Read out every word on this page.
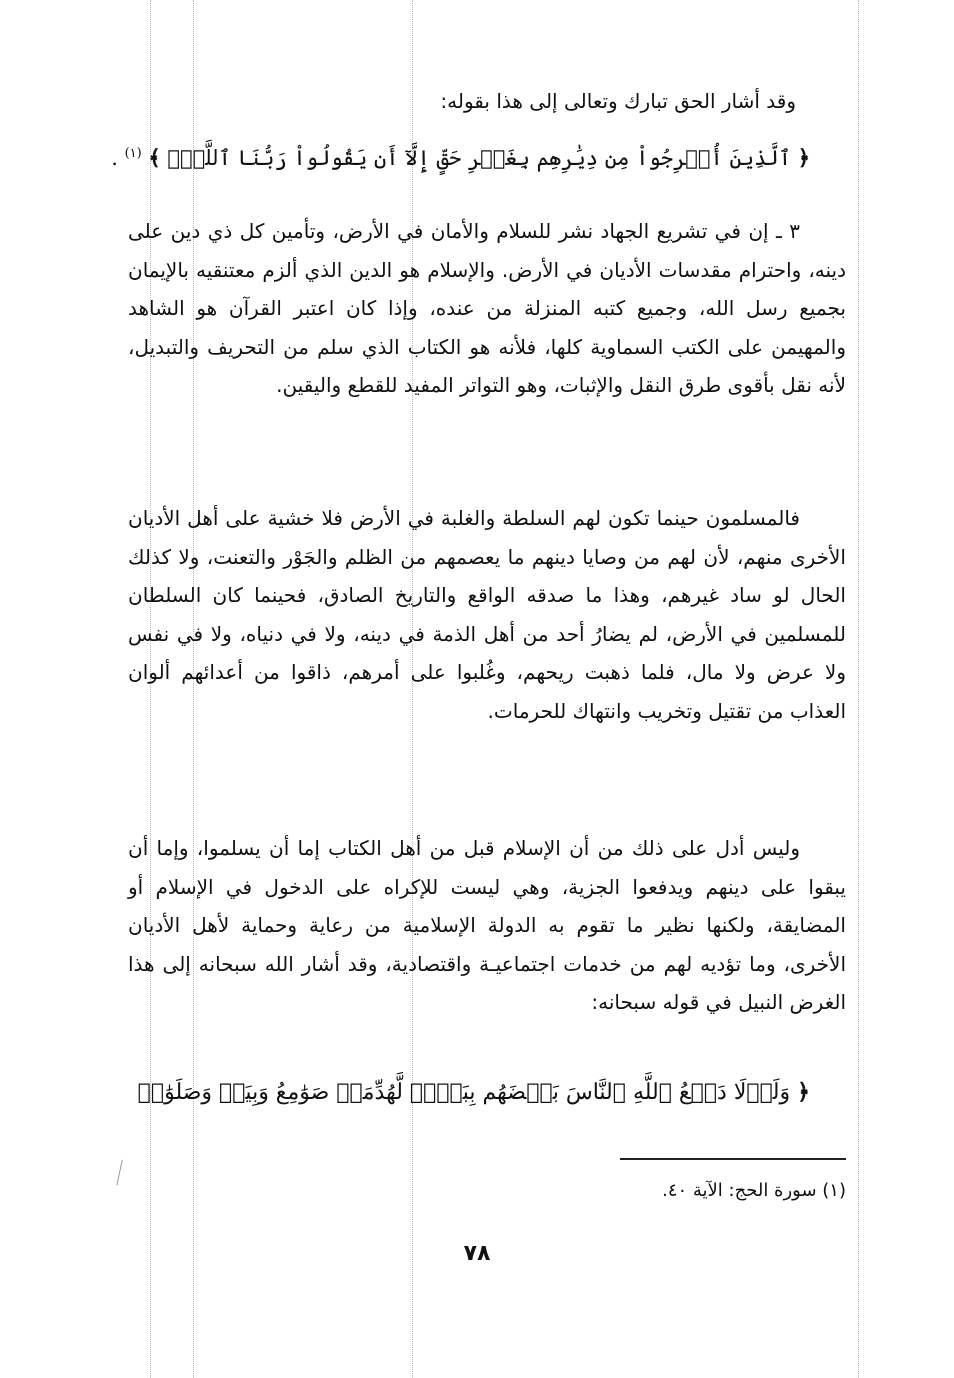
وقد أشار الحق تبارك وتعالى إلى هذا بقوله:
﴿ ٱلَّذِينَ أُخۡرِجُواْ مِن دِيَٰرِهِم بِغَيۡرِ حَقٍّ إِلَّآ أَن يَقُولُواْ رَبُّنَا ٱللَّهُۗ ﴾ $^{(١)}$ .

٣ ـ إن في تشريع الجهاد نشر للسلام والأمان في الأرض، وتأمين كل ذي دين على دينه، واحترام مقدسات الأديان في الأرض. والإسلام هو الدين الذي ألزم معتنقيه بالإيمان بجميع رسل الله، وجميع كتبه المنزلة من عنده، وإذا كان اعتبر القرآن هو الشاهد والمهيمن على الكتب السماوية كلها، فلأنه هو الكتاب الذي سلم من التحريف والتبديل، لأنه نقل بأقوى طرق النقل والإثبات، وهو التواتر المفيد للقطع واليقين.

فالمسلمون حينما تكون لهم السلطة والغلبة في الأرض فلا خشية على أهل الأديان الأخرى منهم، لأن لهم من وصايا دينهم ما يعصمهم من الظلم والجَوْر والتعنت، ولا كذلك الحال لو ساد غيرهم، وهذا ما صدقه الواقع والتاريخ الصادق، فحينما كان السلطان للمسلمين في الأرض، لم يضارُ أحد من أهل الذمة في دينه، ولا في دنياه، ولا في نفس ولا عرض ولا مال، فلما ذهبت ريحهم، وغُلبوا على أمرهم، ذاقوا من أعدائهم ألوان العذاب من تقتيل وتخريب وانتهاك للحرمات.

وليس أدل على ذلك من أن الإسلام قبل من أهل الكتاب إما أن يسلموا، وإما أن يبقوا على دينهم ويدفعوا الجزية، وهي ليست للإكراه على الدخول في الإسلام أو المضايقة، ولكنها نظير ما تقوم به الدولة الإسلامية من رعاية وحماية لأهل الأديان الأخرى، وما تؤديه لهم من خدمات اجتماعيـة واقتصادية، وقد أشار الله سبحانه إلى هذا الغرض النبيل في قوله سبحانه:

﴿ وَلَوۡلَا دَفۡعُ ٱللَّهِ ٱلنَّاسَ بَعۡضَهُم بِبَعۡضٖ لَّهُدِّمَتۡ صَوَٰمِعُ وَبِيَعٞ وَصَلَوَٰتٞ
(١) سورة الحج: الآية ٤٠.
٧٨
